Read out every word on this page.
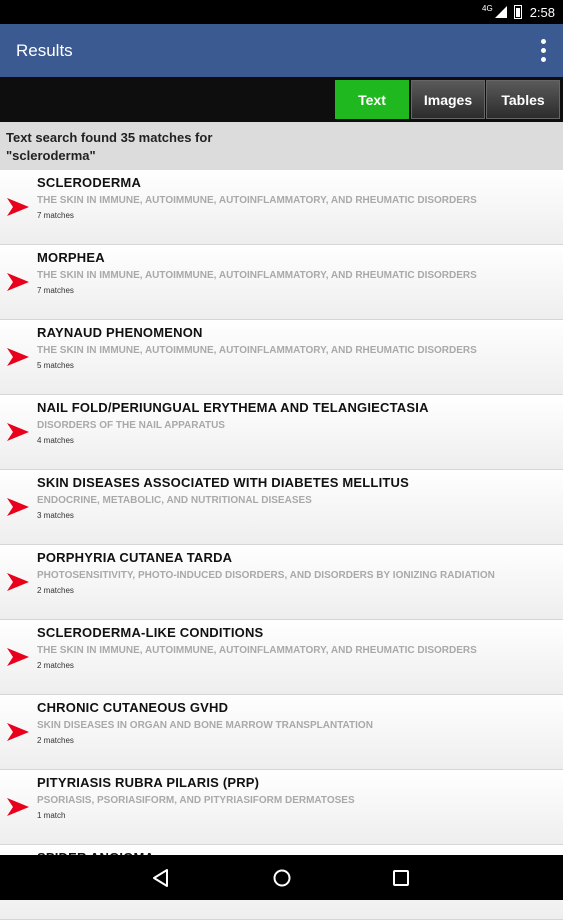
4G	2:58
Results
Text	Images	Tables
Text search found 35 matches for
"scleroderma"
SCLERODERMA
THE SKIN IN IMMUNE, AUTOIMMUNE, AUTOINFLAMMATORY, AND RHEUMATIC DISORDERS
7 matches
MORPHEA
THE SKIN IN IMMUNE, AUTOIMMUNE, AUTOINFLAMMATORY, AND RHEUMATIC DISORDERS
7 matches
RAYNAUD PHENOMENON
THE SKIN IN IMMUNE, AUTOIMMUNE, AUTOINFLAMMATORY, AND RHEUMATIC DISORDERS
5 matches
NAIL FOLD/PERIUNGUAL ERYTHEMA AND TELANGIECTASIA
DISORDERS OF THE NAIL APPARATUS
4 matches
SKIN DISEASES ASSOCIATED WITH DIABETES MELLITUS
ENDOCRINE, METABOLIC, AND NUTRITIONAL DISEASES
3 matches
PORPHYRIA CUTANEA TARDA
PHOTOSENSITIVITY, PHOTO-INDUCED DISORDERS, AND DISORDERS BY IONIZING RADIATION
2 matches
SCLERODERMA-LIKE CONDITIONS
THE SKIN IN IMMUNE, AUTOIMMUNE, AUTOINFLAMMATORY, AND RHEUMATIC DISORDERS
2 matches
CHRONIC CUTANEOUS GVHD
SKIN DISEASES IN ORGAN AND BONE MARROW TRANSPLANTATION
2 matches
PITYRIASIS RUBRA PILARIS (PRP)
PSORIASIS, PSORIASIFORM, AND PITYRIASIFORM DERMATOSES
1 match
